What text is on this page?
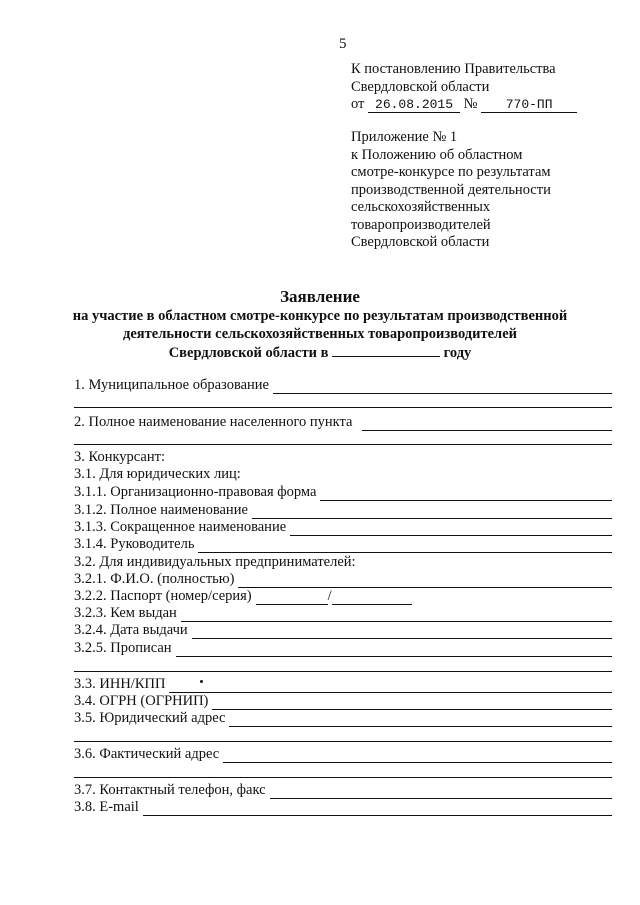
5
К постановлению Правительства
Свердловской области
от 26.08.2015 № 770-ПП
Приложение № 1
к Положению об областном
смотре-конкурсе по результатам
производственной деятельности
сельскохозяйственных
товаропроизводителей
Свердловской области
Заявление
на участие в областном смотре-конкурсе по результатам производственной
деятельности сельскохозяйственных товаропроизводителей
Свердловской области в	году
1. Муниципальное образование
2. Полное наименование населенного пункта
3. Конкурсант:
3.1. Для юридических лиц:
3.1.1. Организационно-правовая форма
3.1.2. Полное наименование
3.1.3. Сокращенное наименование
3.1.4. Руководитель
3.2. Для индивидуальных предпринимателей:
3.2.1. Ф.И.О. (полностью)
3.2.2. Паспорт (номер/серия)	/
3.2.3. Кем выдан
3.2.4. Дата выдачи
3.2.5. Прописан
3.3. ИНН/КПП
3.4. ОГРН (ОГРНИП)
3.5. Юридический адрес
3.6. Фактический адрес
3.7. Контактный телефон, факс
3.8. E-mail
